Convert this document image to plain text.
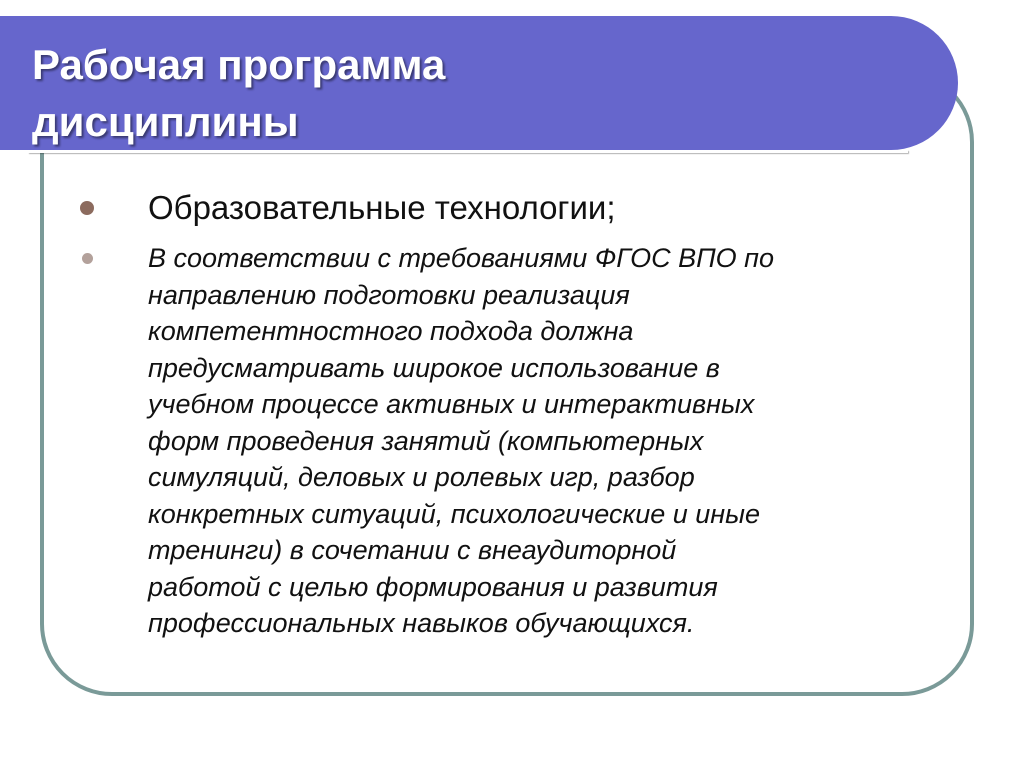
Рабочая программа
дисциплины
Образовательные технологии;
В соответствии с требованиями ФГОС ВПО по
направлению подготовки реализация
компетентностного подхода должна
предусматривать широкое использование в
учебном процессе активных и интерактивных
форм проведения занятий (компьютерных
симуляций, деловых и ролевых игр, разбор
конкретных ситуаций, психологические и иные
тренинги) в сочетании с внеаудиторной
работой с целью формирования и развития
профессиональных навыков обучающихся.
